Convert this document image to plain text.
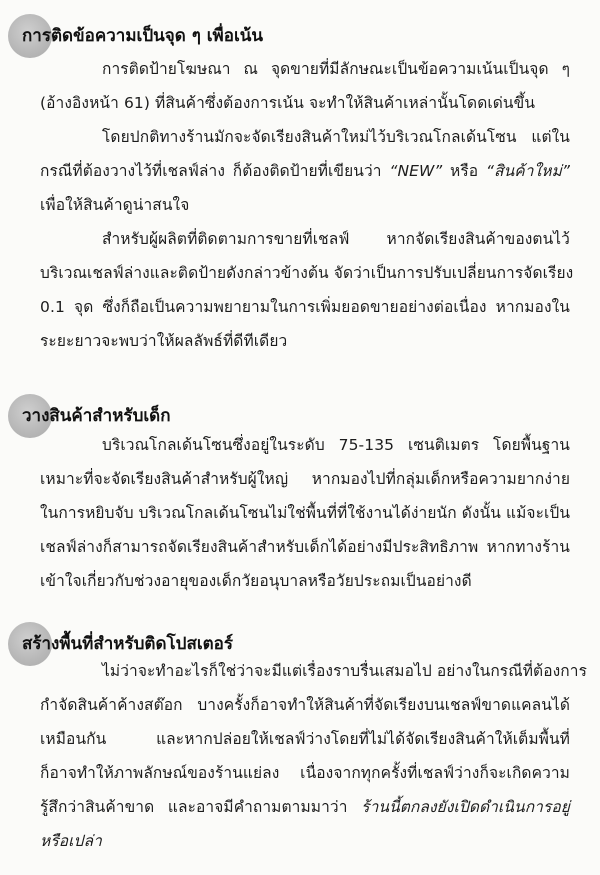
การติดข้อความเป็นจุด ๆ เพื่อเน้น
การติดป้ายโฆษณา ณ จุดขายที่มีลักษณะเป็นข้อความเน้นเป็นจุด ๆ
(อ้างอิงหน้า 61) ที่สินค้าซึ่งต้องการเน้น จะทำให้สินค้าเหล่านั้นโดดเด่นขึ้น
โดยปกติทางร้านมักจะจัดเรียงสินค้าใหม่ไว้บริเวณโกลเด้นโซน แต่ใน
กรณีที่ต้องวางไว้ที่เชลฟ์ล่าง ก็ต้องติดป้ายที่เขียนว่า “NEW” หรือ “สินค้าใหม่”
เพื่อให้สินค้าดูน่าสนใจ
สำหรับผู้ผลิตที่ติดตามการขายที่เชลฟ์ หากจัดเรียงสินค้าของตนไว้
บริเวณเชลฟ์ล่างและติดป้ายดังกล่าวข้างต้น จัดว่าเป็นการปรับเปลี่ยนการจัดเรียง
0.1 จุด ซึ่งก็ถือเป็นความพยายามในการเพิ่มยอดขายอย่างต่อเนื่อง หากมองใน
ระยะยาวจะพบว่าให้ผลลัพธ์ที่ดีทีเดียว
วางสินค้าสำหรับเด็ก
บริเวณโกลเด้นโซนซึ่งอยู่ในระดับ 75-135 เซนติเมตร โดยพื้นฐาน
เหมาะที่จะจัดเรียงสินค้าสำหรับผู้ใหญ่ หากมองไปที่กลุ่มเด็กหรือความยากง่าย
ในการหยิบจับ บริเวณโกลเด้นโซนไม่ใช่พื้นที่ที่ใช้งานได้ง่ายนัก ดังนั้น แม้จะเป็น
เชลฟ์ล่างก็สามารถจัดเรียงสินค้าสำหรับเด็กได้อย่างมีประสิทธิภาพ หากทางร้าน
เข้าใจเกี่ยวกับช่วงอายุของเด็กวัยอนุบาลหรือวัยประถมเป็นอย่างดี
สร้างพื้นที่สำหรับติดโปสเตอร์
ไม่ว่าจะทำอะไรก็ใช่ว่าจะมีแต่เรื่องราบรื่นเสมอไป อย่างในกรณีที่ต้องการ
กำจัดสินค้าค้างสต๊อก บางครั้งก็อาจทำให้สินค้าที่จัดเรียงบนเชลฟ์ขาดแคลนได้
เหมือนกัน และหากปล่อยให้เชลฟ์ว่างโดยที่ไม่ได้จัดเรียงสินค้าให้เต็มพื้นที่
ก็อาจทำให้ภาพลักษณ์ของร้านแย่ลง เนื่องจากทุกครั้งที่เชลฟ์ว่างก็จะเกิดความ
รู้สึกว่าสินค้าขาด และอาจมีคำถามตามมาว่า ร้านนี้ตกลงยังเปิดดำเนินการอยู่
หรือเปล่า
